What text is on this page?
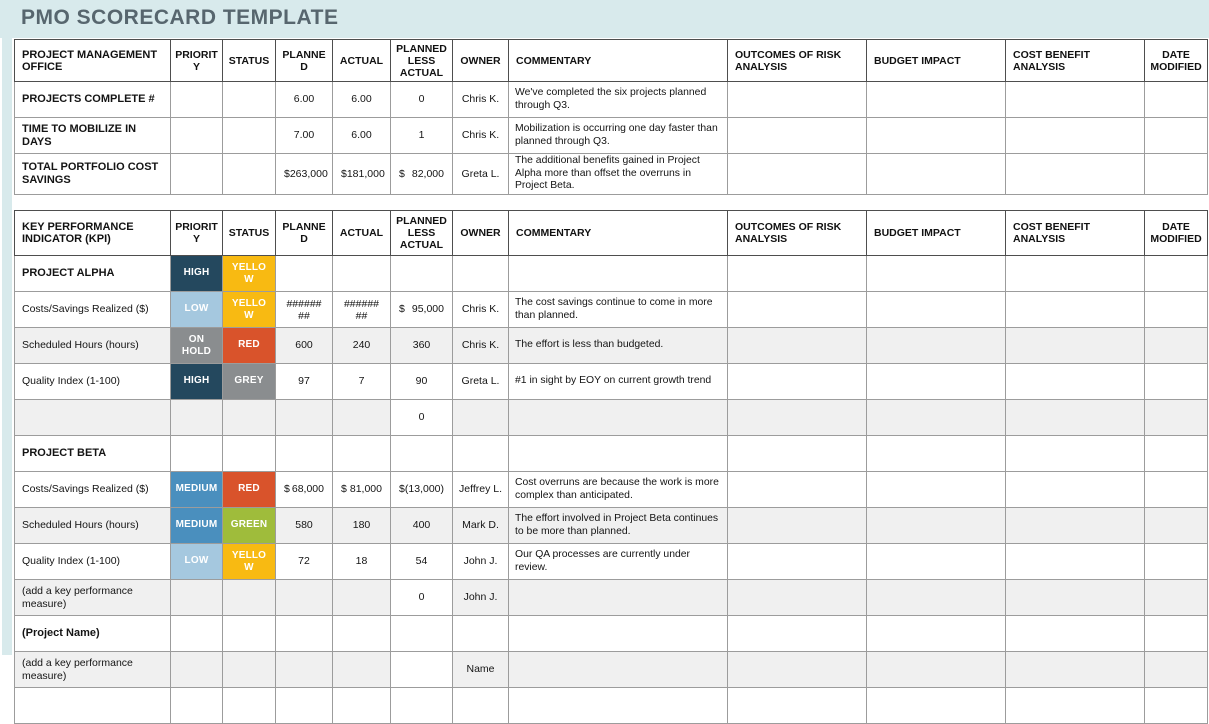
PMO SCORECARD TEMPLATE
PROJECT MANAGEMENT OFFICE	PRIORITY	STATUS	PLANNED	ACTUAL	PLANNED LESS ACTUAL	OWNER	COMMENTARY	OUTCOMES OF RISK ANALYSIS	BUDGET IMPACT	COST BENEFIT ANALYSIS	DATE MODIFIED
PROJECTS COMPLETE #			6.00	6.00	0	Chris K.	We've completed the six projects planned through Q3.				
TIME TO MOBILIZE IN DAYS			7.00	6.00	1	Chris K.	Mobilization is occurring one day faster than planned through Q3.				
TOTAL PORTFOLIO COST SAVINGS			$ 263,000	$ 181,000	$ 82,000	Greta L.	The additional benefits gained in Project Alpha more than offset the overruns in Project Beta.				
KEY PERFORMANCE INDICATOR (KPI)	PRIORITY	STATUS	PLANNED	ACTUAL	PLANNED LESS ACTUAL	OWNER	COMMENTARY	OUTCOMES OF RISK ANALYSIS	BUDGET IMPACT	COST BENEFIT ANALYSIS	DATE MODIFIED
PROJECT ALPHA	HIGH	YELLOW									
Costs/Savings Realized ($)	LOW	YELLOW	########	########	$ 95,000	Chris K.	The cost savings continue to come in more than planned.				
Scheduled Hours (hours)	ON HOLD	RED	600	240	360	Chris K.	The effort is less than budgeted.				
Quality Index (1-100)	HIGH	GREY	97	7	90	Greta L.	#1 in sight by EOY on current growth trend				
					0						
PROJECT BETA											
Costs/Savings Realized ($)	MEDIUM	RED	$ 68,000	$ 81,000	$ (13,000)	Jeffrey L.	Cost overruns are because the work is more complex than anticipated.				
Scheduled Hours (hours)	MEDIUM	GREEN	580	180	400	Mark D.	The effort involved in Project Beta continues to be more than planned.				
Quality Index (1-100)	LOW	YELLOW	72	18	54	John J.	Our QA processes are currently under review.				
(add a key performance measure)					0	John J.					
(Project Name)											
(add a key performance measure)						Name					
